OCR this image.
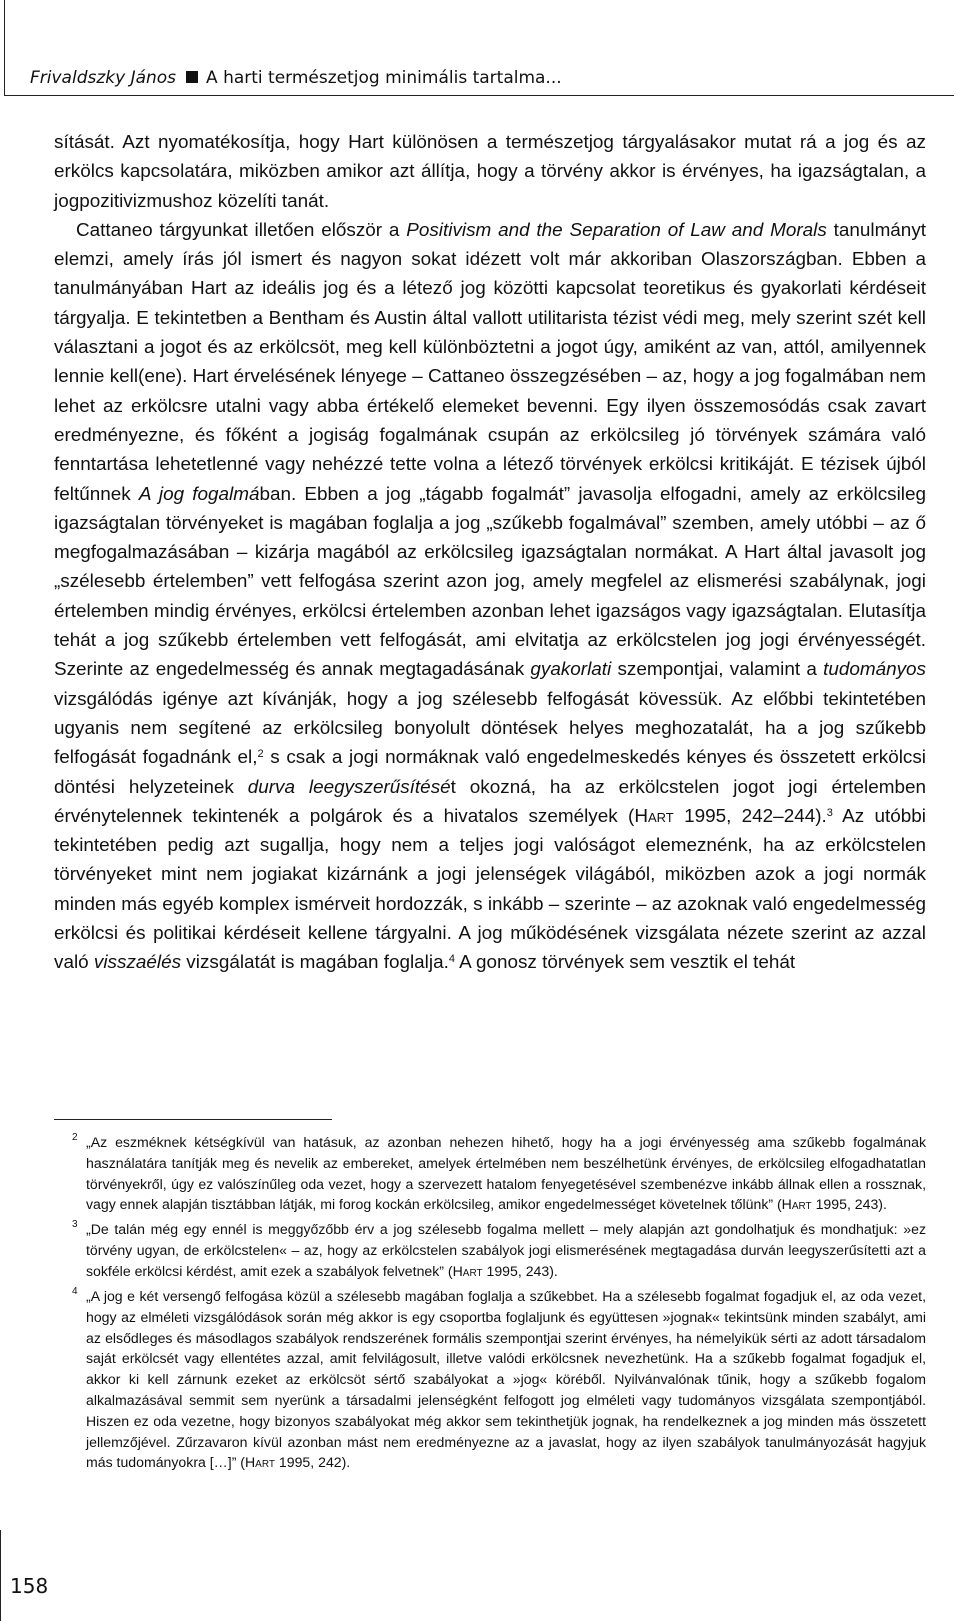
Frivaldszky János A harti természetjog minimális tartalma...

sítását. Azt nyomatékosítja, hogy Hart különösen a természetjog tárgyalásakor mutat rá a jog és az erkölcs kapcsolatára, miközben amikor azt állítja, hogy a törvény akkor is érvényes, ha igazságtalan, a jogpozitivizmushoz közelíti tanát.

Cattaneo tárgyunkat illetően először a Positivism and the Separation of Law and Morals tanulmányt elemzi, amely írás jól ismert és nagyon sokat idézett volt már akkoriban Olaszországban. Ebben a tanulmányában Hart az ideális jog és a létező jog közötti kapcsolat teoretikus és gyakorlati kérdéseit tárgyalja. E tekintetben a Bentham és Austin által vallott utilitarista tézist védi meg, mely szerint szét kell választani a jogot és az erkölcsöt, meg kell különböztetni a jogot úgy, amiként az van, attól, amilyennek lennie kell(ene). Hart érvelésének lényege – Cattaneo összegzésében – az, hogy a jog fogalmában nem lehet az erkölcsre utalni vagy abba értékelő elemeket bevenni. Egy ilyen összemosódás csak zavart eredményezne, és főként a jogiság fogalmának csupán az erkölcsileg jó törvények számára való fenntartása lehetetlenné vagy nehézzé tette volna a létező törvények erkölcsi kritikáját. E tézisek újból feltűnnek A jog fogalmában. Ebben a jog „tágabb fogalmát” javasolja elfogadni, amely az erkölcsileg igazságtalan törvényeket is magában foglalja a jog „szűkebb fogalmával” szemben, amely utóbbi – az ő megfogalmazásában – kizárja magából az erkölcsileg igazságtalan normákat. A Hart által javasolt jog „szélesebb értelemben” vett felfogása szerint azon jog, amely megfelel az elismerési szabálynak, jogi értelemben mindig érvényes, erkölcsi értelemben azonban lehet igazságos vagy igazságtalan. Elutasítja tehát a jog szűkebb értelemben vett felfogását, ami elvitatja az erkölcstelen jog jogi érvényességét. Szerinte az engedelmesség és annak megtagadásának gyakorlati szempontjai, valamint a tudományos vizsgálódás igénye azt kívánják, hogy a jog szélesebb felfogását kövessük. Az előbbi tekintetében ugyanis nem segítené az erkölcsileg bonyolult döntések helyes meghozatalát, ha a jog szűkebb felfogását fogadnánk el,$^2$ s csak a jogi normáknak való engedelmeskedés kényes és összetett erkölcsi döntési helyzeteinek durva leegyszerűsítését okozná, ha az erkölcstelen jogot jogi értelemben érvénytelennek tekintenék a polgárok és a hivatalos személyek (Hart 1995, 242–244).$^3$ Az utóbbi tekintetében pedig azt sugallja, hogy nem a teljes jogi valóságot elemeznénk, ha az erkölcstelen törvényeket mint nem jogiakat kizárnánk a jogi jelenségek világából, miközben azok a jogi normák minden más egyéb komplex ismérveit hordozzák, s inkább – szerinte – az azoknak való engedelmesség erkölcsi és politikai kérdéseit kellene tárgyalni. A jog működésének vizsgálata nézete szerint az azzal való visszaélés vizsgálatát is magában foglalja.$^4$ A gonosz törvények sem vesztik el tehát

2 „Az eszméknek kétségkívül van hatásuk, az azonban nehezen hihető, hogy ha a jogi érvényesség ama szűkebb fogalmának használatára tanítják meg és nevelik az embereket, amelyek értelmében nem beszélhetünk érvényes, de erkölcsileg elfogadhatatlan törvényekről, úgy ez valószínűleg oda vezet, hogy a szervezett hatalom fenyegetésével szembenézve inkább állnak ellen a rossznak, vagy ennek alapján tisztábban látják, mi forog kockán erkölcsileg, amikor engedelmességet követelnek tőlünk” (Hart 1995, 243).
3 „De talán még egy ennél is meggyőzőbb érv a jog szélesebb fogalma mellett – mely alapján azt gondolhatjuk és mondhatjuk: »ez törvény ugyan, de erkölcstelen« – az, hogy az erkölcstelen szabályok jogi elismerésének megtagadása durván leegyszerűsítetti azt a sokféle erkölcsi kérdést, amit ezek a szabályok felvetnek” (Hart 1995, 243).
4 „A jog e két versengő felfogása közül a szélesebb magában foglalja a szűkebbet. Ha a szélesebb fogalmat fogadjuk el, az oda vezet, hogy az elméleti vizsgálódások során még akkor is egy csoportba foglaljunk és együttesen »jognak« tekintsünk minden szabályt, ami az elsődleges és másodlagos szabályok rendszerének formális szempontjai szerint érvényes, ha némelyikük sérti az adott társadalom saját erkölcsét vagy ellentétes azzal, amit felvilágosult, illetve valódi erkölcsnek nevezhetünk. Ha a szűkebb fogalmat fogadjuk el, akkor ki kell zárnunk ezeket az erkölcsöt sértő szabályokat a »jog« köréből. Nyilvánvalónak tűnik, hogy a szűkebb fogalom alkalmazásával semmit sem nyerünk a társadalmi jelenségként felfogott jog elméleti vagy tudományos vizsgálata szempontjából. Hiszen ez oda vezetne, hogy bizonyos szabályokat még akkor sem tekinthetjük jognak, ha rendelkeznek a jog minden más összetett jellemzőjével. Zűrzavaron kívül azonban mást nem eredményezne az a javaslat, hogy az ilyen szabályok tanulmányozását hagyjuk más tudományokra […]” (Hart 1995, 242).
158
